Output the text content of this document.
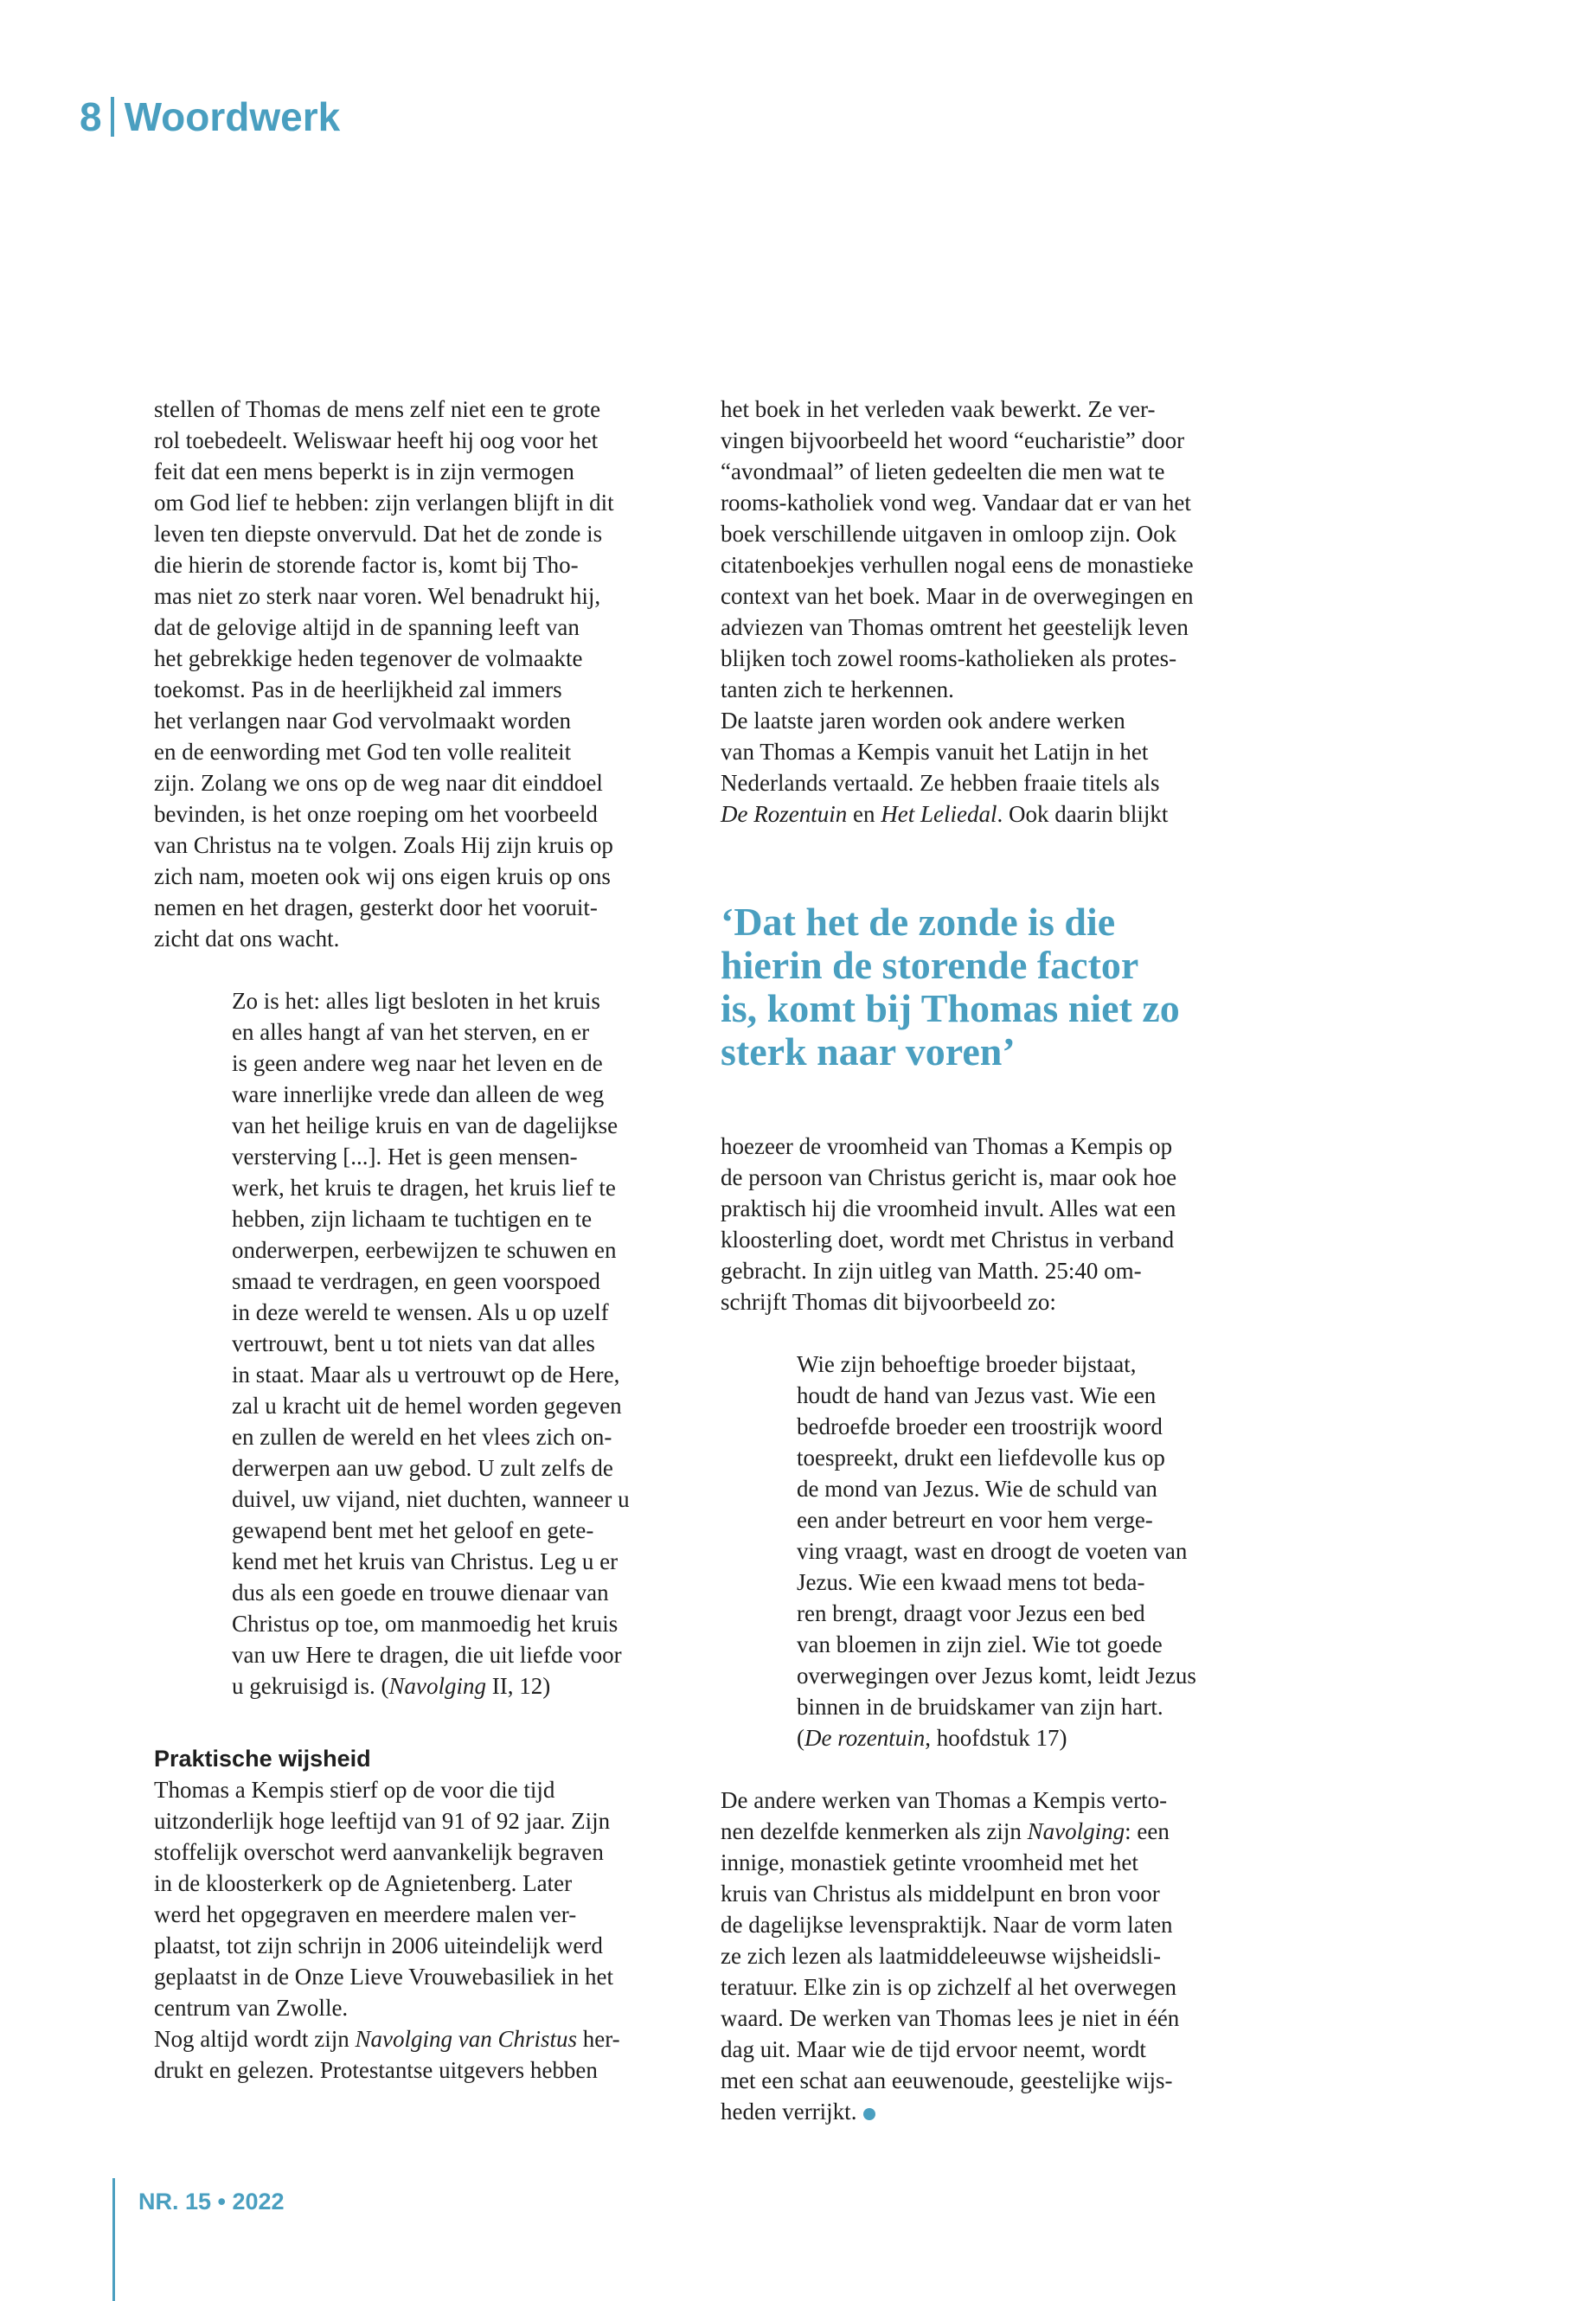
8 Woordwerk

stellen of Thomas de mens zelf niet een te grote
rol toebedeelt. Weliswaar heeft hij oog voor het
feit dat een mens beperkt is in zijn vermogen
om God lief te hebben: zijn verlangen blijft in dit
leven ten diepste onvervuld. Dat het de zonde is
die hierin de storende factor is, komt bij Tho-
mas niet zo sterk naar voren. Wel benadrukt hij,
dat de gelovige altijd in de spanning leeft van
het gebrekkige heden tegenover de volmaakte
toekomst. Pas in de heerlijkheid zal immers
het verlangen naar God vervolmaakt worden
en de eenwording met God ten volle realiteit
zijn. Zolang we ons op de weg naar dit einddoel
bevinden, is het onze roeping om het voorbeeld
van Christus na te volgen. Zoals Hij zijn kruis op
zich nam, moeten ook wij ons eigen kruis op ons
nemen en het dragen, gesterkt door het vooruit-
zicht dat ons wacht.

Zo is het: alles ligt besloten in het kruis
en alles hangt af van het sterven, en er
is geen andere weg naar het leven en de
ware innerlijke vrede dan alleen de weg
van het heilige kruis en van de dagelijkse
versterving [...]. Het is geen mensen-
werk, het kruis te dragen, het kruis lief te
hebben, zijn lichaam te tuchtigen en te
onderwerpen, eerbewijzen te schuwen en
smaad te verdragen, en geen voorspoed
in deze wereld te wensen. Als u op uzelf
vertrouwt, bent u tot niets van dat alles
in staat. Maar als u vertrouwt op de Here,
zal u kracht uit de hemel worden gegeven
en zullen de wereld en het vlees zich on-
derwerpen aan uw gebod. U zult zelfs de
duivel, uw vijand, niet duchten, wanneer u
gewapend bent met het geloof en gete-
kend met het kruis van Christus. Leg u er
dus als een goede en trouwe dienaar van
Christus op toe, om manmoedig het kruis
van uw Here te dragen, die uit liefde voor
u gekruisigd is. (Navolging II, 12)
Praktische wijsheid

Thomas a Kempis stierf op de voor die tijd
uitzonderlijk hoge leeftijd van 91 of 92 jaar. Zijn
stoffelijk overschot werd aanvankelijk begraven
in de kloosterkerk op de Agnietenberg. Later
werd het opgegraven en meerdere malen ver-
plaatst, tot zijn schrijn in 2006 uiteindelijk werd
geplaatst in de Onze Lieve Vrouwebasiliek in het
centrum van Zwolle.

Nog altijd wordt zijn Navolging van Christus her-
drukt en gelezen. Protestantse uitgevers hebben

het boek in het verleden vaak bewerkt. Ze ver-
vingen bijvoorbeeld het woord “eucharistie” door
“avondmaal” of lieten gedeelten die men wat te
rooms-katholiek vond weg. Vandaar dat er van het
boek verschillende uitgaven in omloop zijn. Ook
citatenboekjes verhullen nogal eens de monastieke
context van het boek. Maar in de overwegingen en
adviezen van Thomas omtrent het geestelijk leven
blijken toch zowel rooms-katholieken als protes-
tanten zich te herkennen.

De laatste jaren worden ook andere werken
van Thomas a Kempis vanuit het Latijn in het
Nederlands vertaald. Ze hebben fraaie titels als
De Rozentuin en Het Leliedal. Ook daarin blijkt

‘Dat het de zonde is die
hierin de storende factor
is, komt bij Thomas niet zo
sterk naar voren’

hoezeer de vroomheid van Thomas a Kempis op
de persoon van Christus gericht is, maar ook hoe
praktisch hij die vroomheid invult. Alles wat een
kloosterling doet, wordt met Christus in verband
gebracht. In zijn uitleg van Matth. 25:40 om-
schrijft Thomas dit bijvoorbeeld zo:

Wie zijn behoeftige broeder bijstaat,
houdt de hand van Jezus vast. Wie een
bedroefde broeder een troostrijk woord
toespreekt, drukt een liefdevolle kus op
de mond van Jezus. Wie de schuld van
een ander betreurt en voor hem verge-
ving vraagt, wast en droogt de voeten van
Jezus. Wie een kwaad mens tot beda-
ren brengt, draagt voor Jezus een bed
van bloemen in zijn ziel. Wie tot goede
overwegingen over Jezus komt, leidt Jezus
binnen in de bruidskamer van zijn hart.
(De rozentuin, hoofdstuk 17)

De andere werken van Thomas a Kempis verto-
nen dezelfde kenmerken als zijn Navolging: een
innige, monastiek getinte vroomheid met het
kruis van Christus als middelpunt en bron voor
de dagelijkse levenspraktijk. Naar de vorm laten
ze zich lezen als laatmiddeleeuwse wijsheidsli-
teratuur. Elke zin is op zichzelf al het overwegen
waard. De werken van Thomas lees je niet in één
dag uit. Maar wie de tijd ervoor neemt, wordt
met een schat aan eeuwenoude, geestelijke wijs-
heden verrijkt.

NR. 15 • 2022
